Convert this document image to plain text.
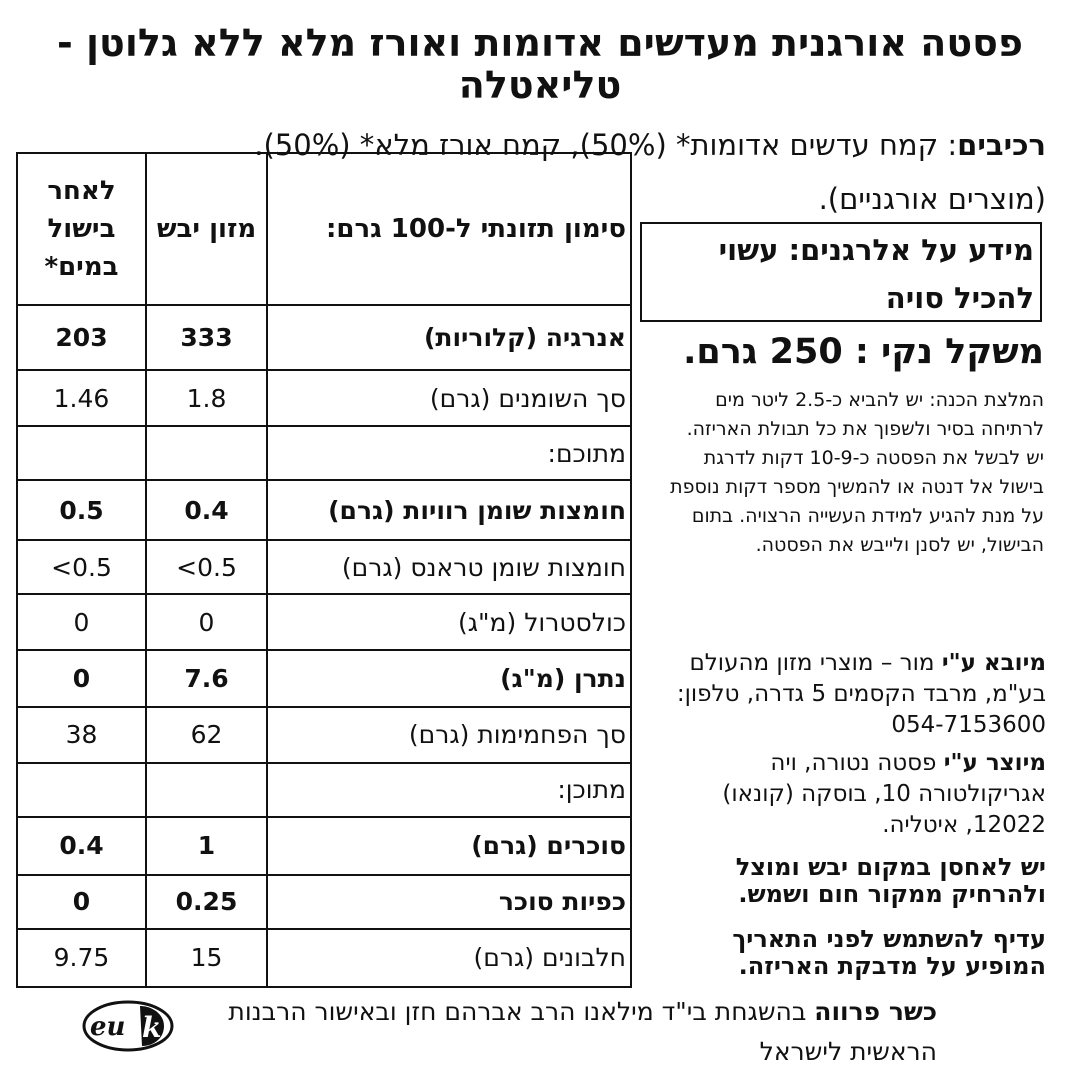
פסטה אורגנית מעדשים אדומות ואורז מלא ללא גלוטן - טליאטלה
רכיבים: קמח עדשים אדומות* (50%), קמח אורז מלא* (50%).
(מוצרים אורגניים).
סימון תזונתי ל-100 גרם:	מזון יבש	לאחר בישול במים*
אנרגיה (קלוריות)	333	203
סך השומנים (גרם)	1.8	1.46
מתוכם:		
חומצות שומן רוויות (גרם)	0.4	0.5
חומצות שומן טראנס (גרם)	0.5>	0.5>
כולסטרול (מ"ג)	0	0
נתרן (מ"ג)	7.6	0
סך הפחמימות (גרם)	62	38
מתוכן:		
סוכרים (גרם)	1	0.4
כפיות סוכר	0.25	0
חלבונים (גרם)	15	9.75
מידע על אלרגנים: עשוי
להכיל סויה
משקל נקי : 250 גרם.
המלצת הכנה: יש להביא כ-2.5 ליטר מים לרתיחה בסיר ולשפוך את כל תבולת האריזה. יש לבשל את הפסטה כ-10-9 דקות לדרגת בישול אל דנטה או להמשיך מספר דקות נוספת על מנת להגיע למידת העשייה הרצויה. בתום הבישול, יש לסנן ולייבש את הפסטה.
מיובא ע"י מור – מוצרי מזון מהעולם בע"מ, מרבד הקסמים 5 גדרה, טלפון: 054-7153600
מיוצר ע"י פסטה נטורה, ויה אגריקולטורה 10, בוסקה (קונאו) 12022, איטליה.
יש לאחסן במקום יבש ומוצל ולהרחיק ממקור חום ושמש.
עדיף להשתמש לפני התאריך המופיע על מדבקת האריזה.
כשר פרווה בהשגחת בי"ד מילאנו הרב אברהם חזן ובאישור הרבנות הראשית לישראל
eu k
